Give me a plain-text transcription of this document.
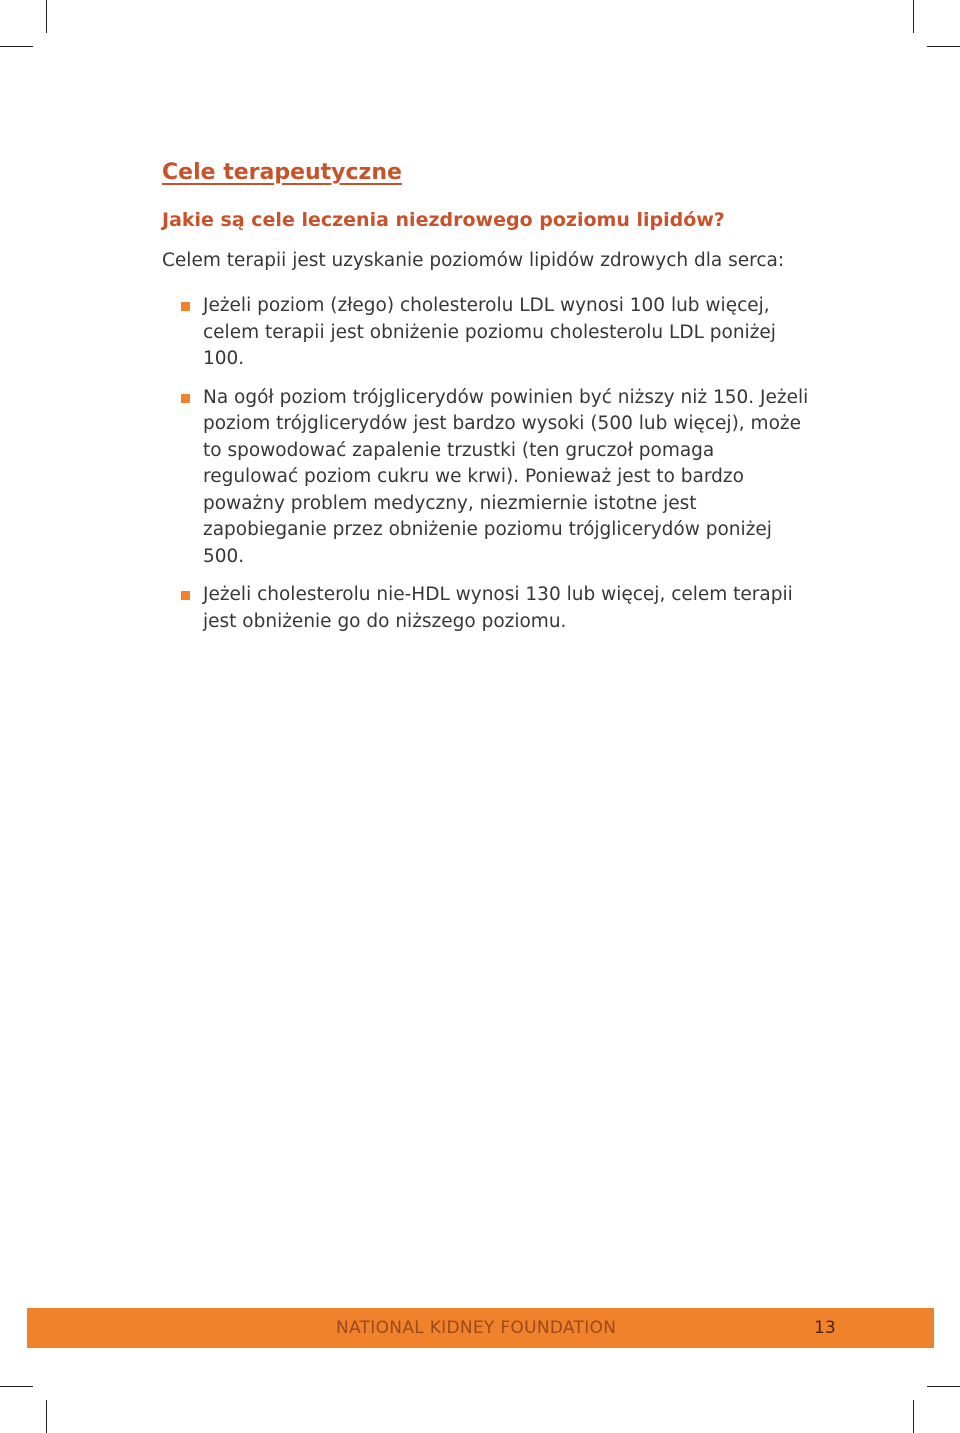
Cele terapeutyczne
Jakie są cele leczenia niezdrowego poziomu lipidów?

Celem terapii jest uzyskanie poziomów lipidów zdrowych dla serca:

Jeżeli poziom (złego) cholesterolu LDL wynosi 100 lub więcej, celem terapii jest obniżenie poziomu cholesterolu LDL poniżej 100.
Na ogół poziom trójglicerydów powinien być niższy niż 150. Jeżeli poziom trójglicerydów jest bardzo wysoki (500 lub więcej), może to spowodować zapalenie trzustki (ten gruczoł pomaga regulować poziom cukru we krwi). Ponieważ jest to bardzo poważny problem medyczny, niezmiernie istotne jest zapobieganie przez obniżenie poziomu trójglicerydów poniżej 500.
Jeżeli cholesterolu nie-HDL wynosi 130 lub więcej, celem terapii jest obniżenie go do niższego poziomu.
NATIONAL KIDNEY FOUNDATION	13
